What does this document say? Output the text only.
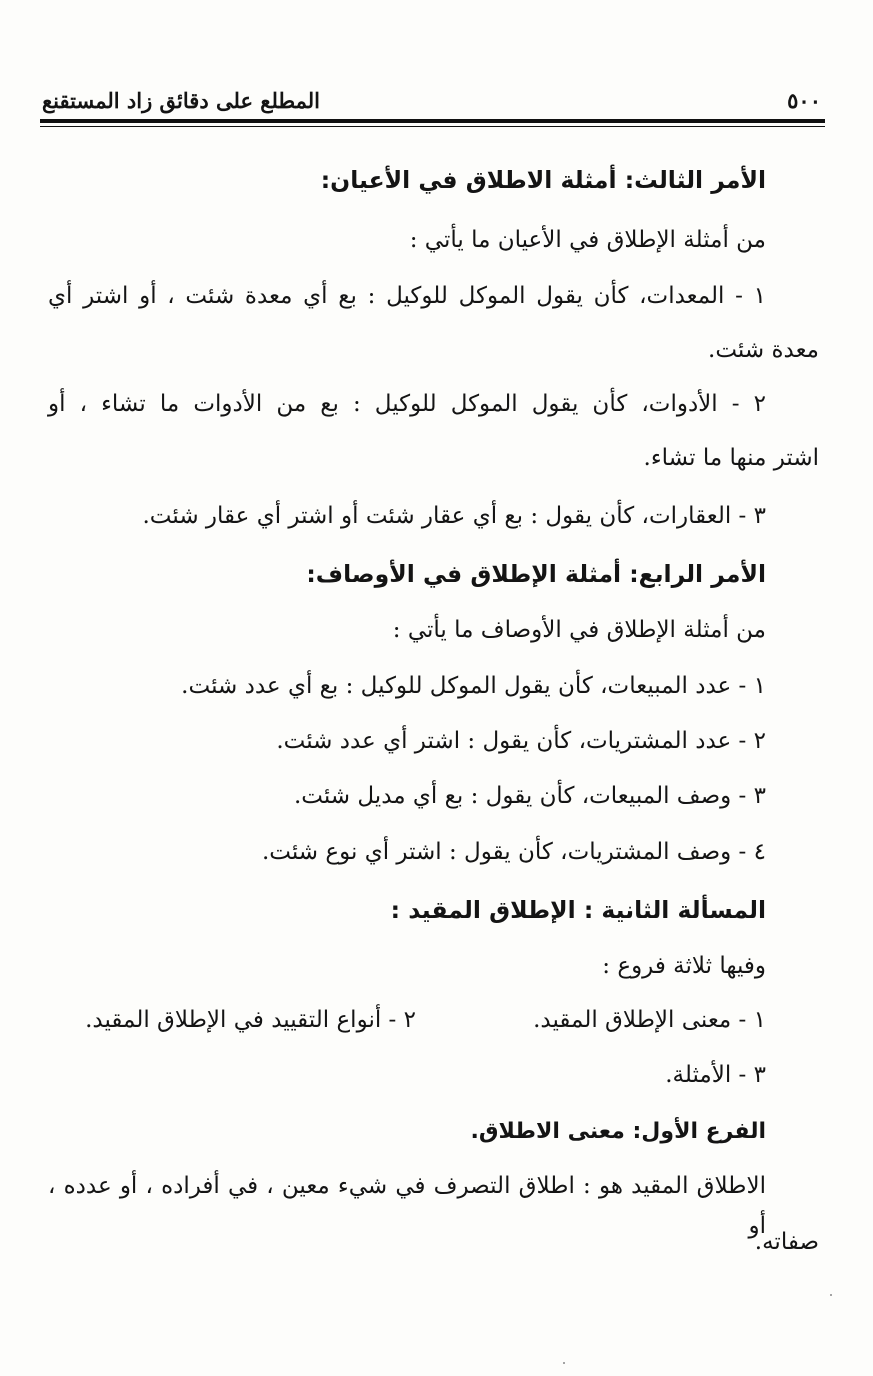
٥٠٠
المطلع على دقائق زاد المستقنع
الأمر الثالث: أمثلة الاطلاق في الأعيان:
من أمثلة الإطلاق في الأعيان ما يأتي :
١ - المعدات، كأن يقول الموكل للوكيل : بع أي معدة شئت ، أو اشتر أي
معدة شئت.
٢ - الأدوات، كأن يقول الموكل للوكيل : بع من الأدوات ما تشاء ، أو
اشتر منها ما تشاء.
٣ - العقارات، كأن يقول : بع أي عقار شئت أو اشتر أي عقار شئت.
الأمر الرابع: أمثلة الإطلاق في الأوصاف:
من أمثلة الإطلاق في الأوصاف ما يأتي :
١ - عدد المبيعات، كأن يقول الموكل للوكيل : بع أي عدد شئت.
٢ - عدد المشتريات، كأن يقول : اشتر أي عدد شئت.
٣ - وصف المبيعات، كأن يقول : بع أي مديل شئت.
٤ - وصف المشتريات، كأن يقول : اشتر أي نوع شئت.
المسألة الثانية : الإطلاق المقيد :
وفيها ثلاثة فروع :
١ - معنى الإطلاق المقيد.
٢ - أنواع التقييد في الإطلاق المقيد.
٣ - الأمثلة.
الفرع الأول: معنى الاطلاق.
الاطلاق المقيد هو : اطلاق التصرف في شيء معين ، في أفراده ، أو عدده ، أو
صفاته.
